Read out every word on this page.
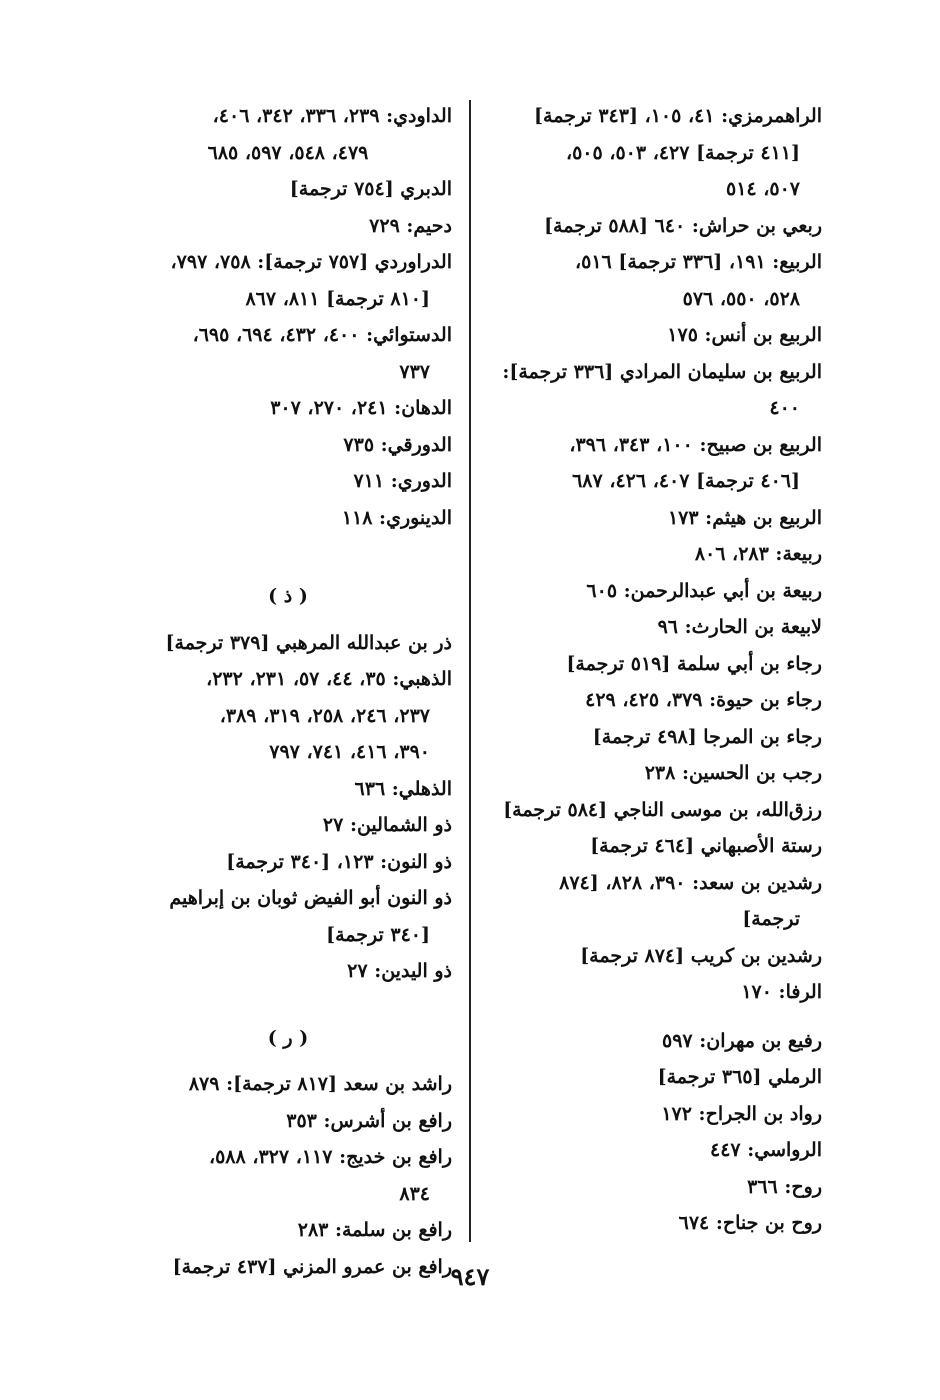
الراهمرمزي: ٤١، ١٠٥، [٣٤٣ ترجمة]
[٤١١ ترجمة] ٤٢٧، ٥٠٣، ٥٠٥،
٥٠٧، ٥١٤
ربعي بن حراش: ٦٤٠ [٥٨٨ ترجمة]
الربيع: ١٩١، [٣٣٦ ترجمة] ٥١٦،
٥٢٨، ٥٥٠، ٥٧٦
الربيع بن أنس: ١٧٥
الربيع بن سليمان المرادي [٣٣٦ ترجمة]:
٤٠٠
الربيع بن صبيح: ١٠٠، ٣٤٣، ٣٩٦،
[٤٠٦ ترجمة] ٤٠٧، ٤٢٦، ٦٨٧
الربيع بن هيثم: ١٧٣
ربيعة: ٢٨٣، ٨٠٦
ربيعة بن أبي عبدالرحمن: ٦٠٥
لابيعة بن الحارث: ٩٦
رجاء بن أبي سلمة [٥١٩ ترجمة]
رجاء بن حيوة: ٣٧٩، ٤٢٥، ٤٢٩
رجاء بن المرجا [٤٩٨ ترجمة]
رجب بن الحسين: ٢٣٨
رزق‌الله، بن موسى الناجي [٥٨٤ ترجمة]
رستة الأصبهاني [٤٦٤ ترجمة]
رشدين بن سعد: ٣٩٠، ٨٢٨، [٨٧٤
ترجمة]
رشدين بن كريب [٨٧٤ ترجمة]
الرفا: ١٧٠
رفيع بن مهران: ٥٩٧
الرملي [٣٦٥ ترجمة]
رواد بن الجراح: ١٧٢
الرواسي: ٤٤٧
روح: ٣٦٦
روح بن جناح: ٦٧٤
الداودي: ٢٣٩، ٣٣٦، ٣٤٢، ٤٠٦،
٤٧٩، ٥٤٨، ٥٩٧، ٦٨٥
الدبري [٧٥٤ ترجمة]
دحيم: ٧٢٩
الدراوردي [٧٥٧ ترجمة]: ٧٥٨، ٧٩٧،
[٨١٠ ترجمة] ٨١١، ٨٦٧
الدستوائي: ٤٠٠، ٤٣٢، ٦٩٤، ٦٩٥،
٧٣٧
الدهان: ٢٤١، ٢٧٠، ٣٠٧
الدورقي: ٧٣٥
الدوري: ٧١١
الدينوري: ١١٨
( ذ )
ذر بن عبدالله المرهبي [٣٧٩ ترجمة]
الذهبي: ٣٥، ٤٤، ٥٧، ٢٣١، ٢٣٢،
٢٣٧، ٢٤٦، ٢٥٨، ٣١٩، ٣٨٩،
٣٩٠، ٤١٦، ٧٤١، ٧٩٧
الذهلي: ٦٣٦
ذو الشمالين: ٢٧
ذو النون: ١٢٣، [٣٤٠ ترجمة]
ذو النون أبو الفيض ثوبان بن إبراهيم
[٣٤٠ ترجمة]
ذو اليدين: ٢٧
( ر )
راشد بن سعد [٨١٧ ترجمة]: ٨٧٩
رافع بن أشرس: ٣٥٣
رافع بن خديج: ١١٧، ٣٢٧، ٥٨٨،
٨٣٤
رافع بن سلمة: ٢٨٣
رافع بن عمرو المزني [٤٣٧ ترجمة]
٩٤٧
